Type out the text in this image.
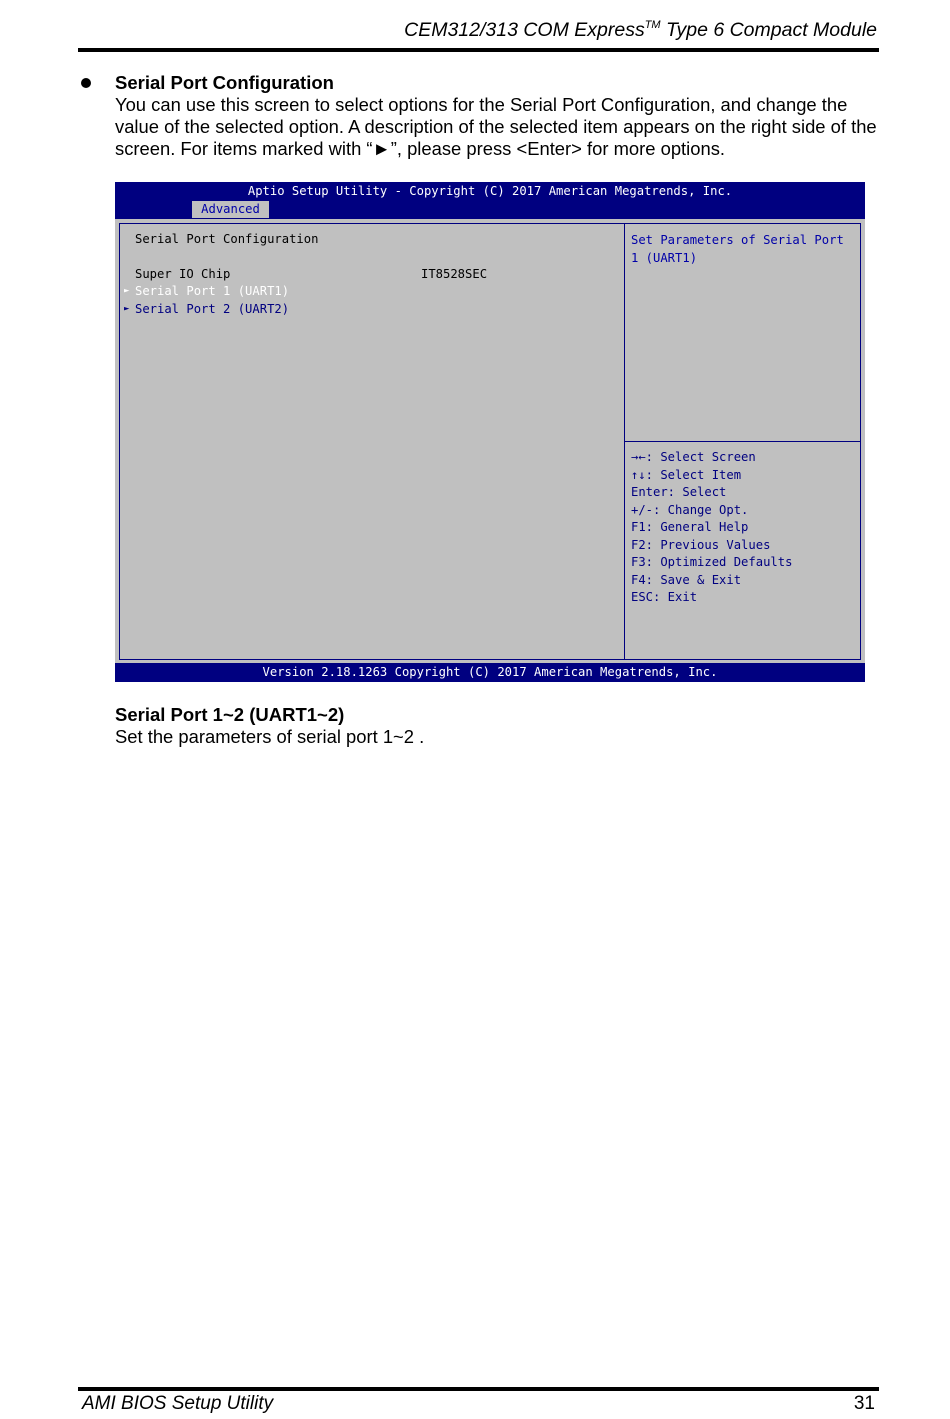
CEM312/313 COM Express™ Type 6 Compact Module
Serial Port Configuration
You can use this screen to select options for the Serial Port Configuration, and change the value of the selected option. A description of the selected item appears on the right side of the screen. For items marked with “►”, please press <Enter> for more options.
Aptio Setup Utility - Copyright (C) 2017 American Megatrends, Inc.
Advanced
Serial Port Configuration
Super IO Chip	IT8528SEC
► Serial Port 1 (UART1)
► Serial Port 2 (UART2)
Set Parameters of Serial Port 1 (UART1)
→←: Select Screen
↑↓: Select Item
Enter: Select
+/-: Change Opt.
F1: General Help
F2: Previous Values
F3: Optimized Defaults
F4: Save & Exit
ESC: Exit
Version 2.18.1263 Copyright (C) 2017 American Megatrends, Inc.
Serial Port 1~2 (UART1~2)
Set the parameters of serial port 1~2 .
AMI BIOS Setup Utility	31
